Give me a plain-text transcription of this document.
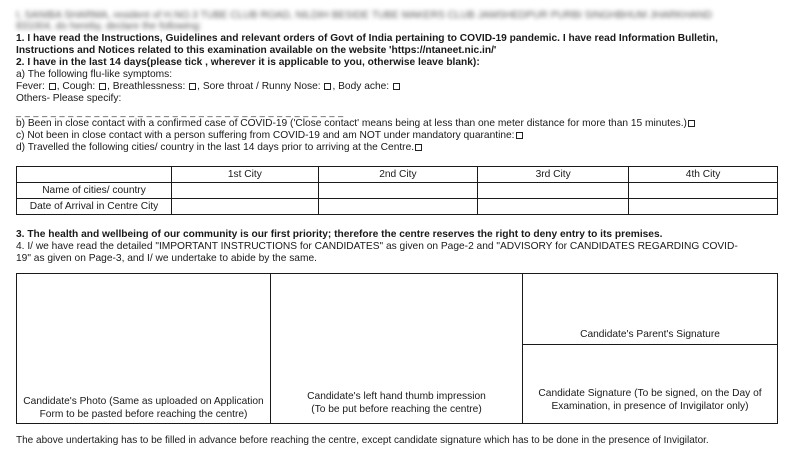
I, SANIBA SHARMA, resident of H.NO.3 TUBE CLUB ROAD, NILDIH BESIDE TUBE MAKERS CLUB JAMSHEDPUR PURBI SINGHBHUM JHARKHAND
831004, do hereby, declare the following:
1. I have read the Instructions, Guidelines and relevant orders of Govt of India pertaining to COVID-19 pandemic. I have read Information Bulletin,
Instructions and Notices related to this examination available on the website 'https://ntaneet.nic.in/'
2. I have in the last 14 days(please tick , wherever it is applicable to you, otherwise leave blank):
a) The following flu-like symptoms:
Fever: , Cough: , Breathlessness: , Sore throat / Runny Nose: , Body ache:
Others- Please specify:
_ _ _ _ _ _ _ _ _ _ _ _ _ _ _ _ _ _ _ _ _ _ _ _ _ _ _ _ _ _ _ _ _ _ _ _ _ _
b) Been in close contact with a confirmed case of COVID-19 ('Close contact' means being at less than one meter distance for more than 15 minutes.)
c) Not been in close contact with a person suffering from COVID-19 and am NOT under mandatory quarantine:
d) Travelled the following cities/ country in the last 14 days prior to arriving at the Centre.
	1st City	2nd City	3rd City	4th City
Name of cities/ country				
Date of Arrival in Centre City				
3. The health and wellbeing of our community is our first priority; therefore the centre reserves the right to deny entry to its premises.
4. I/ we have read the detailed "IMPORTANT INSTRUCTIONS for CANDIDATES" as given on Page-2 and "ADVISORY for CANDIDATES REGARDING COVID-
19" as given on Page-3, and I/ we undertake to abide by the same.
Candidate's Photo (Same as uploaded on Application Form to be pasted before reaching the centre)	
Candidate's left hand thumb impression
(To be put before reaching the centre)
	Candidate's Parent's Signature
Candidate Signature (To be signed, on the Day of Examination, in presence of Invigilator only)
The above undertaking has to be filled in advance before reaching the centre, except candidate signature which has to be done in the presence of Invigilator.
